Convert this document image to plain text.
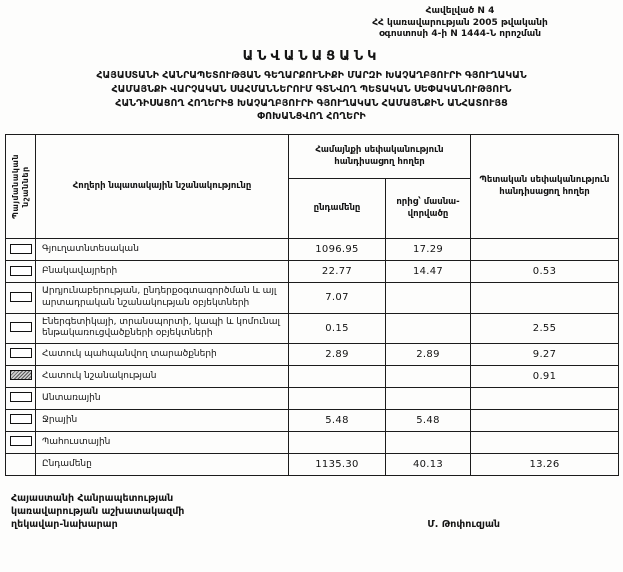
Հավելված N 4
ՀՀ կառավարության 2005 թվականի
օգոստոսի 4-ի N 1444-Ն որոշման
ԱՆՎԱՆԱՑԱՆԿ
ՀԱՅԱՍՏԱՆԻ ՀԱՆՐԱՊԵՏՈՒԹՅԱՆ ԳԵՂԱՐՔՈՒՆԻՔԻ ՄԱՐԶԻ ԽԱՉԱՂԲՅՈՒՐԻ ԳՅՈՒՂԱԿԱՆ
ՀԱՄԱՅՆՔԻ ՎԱՐՉԱԿԱՆ ՍԱՀՄԱՆՆԵՐՈՒՄ ԳՏՆՎՈՂ ՊԵՏԱԿԱՆ ՍԵՓԱԿԱՆՈՒԹՅՈՒՆ
ՀԱՆԴԻՍԱՑՈՂ ՀՈՂԵՐԻՑ ԽԱՉԱՂԲՅՈՒՐԻ ԳՅՈՒՂԱԿԱՆ ՀԱՄԱՅՆՔԻՆ ԱՆՀԱՏՈՒՅՑ
ՓՈԽԱՆՑՎՈՂ ՀՈՂԵՐԻ
Պայմանական նշաններ	Հողերի նպատակային նշանակությունը	Համայնքի սեփականություն հանդիսացող հողեր		Պետական սեփականություն հանդիսացող հողեր
		ընդամենը	որից՝ մասնա-վորվածը	
	Գյուղատնտեսական	1096.95	17.29	
	Բնակավայրերի	22.77	14.47	0.53
	Արդյունաբերության, ընդերքօգտագործման և այլ արտադրական նշանակության օբյեկտների	7.07		
	Էներգետիկայի, տրանսպորտի, կապի և կոմունալ ենթակառուցվածքների օբյեկտների	0.15		2.55
	Հատուկ պահպանվող տարածքների	2.89	2.89	9.27
	Հատուկ նշանակության			0.91
	Անտառային			
	Ջրային	5.48	5.48	
	Պահուստային			
	Ընդամենը	1135.30	40.13	13.26
Հայաստանի Հանրապետության
կառավարության աշխատակազմի
ղեկավար-նախարար	Մ. Թոփուզյան
